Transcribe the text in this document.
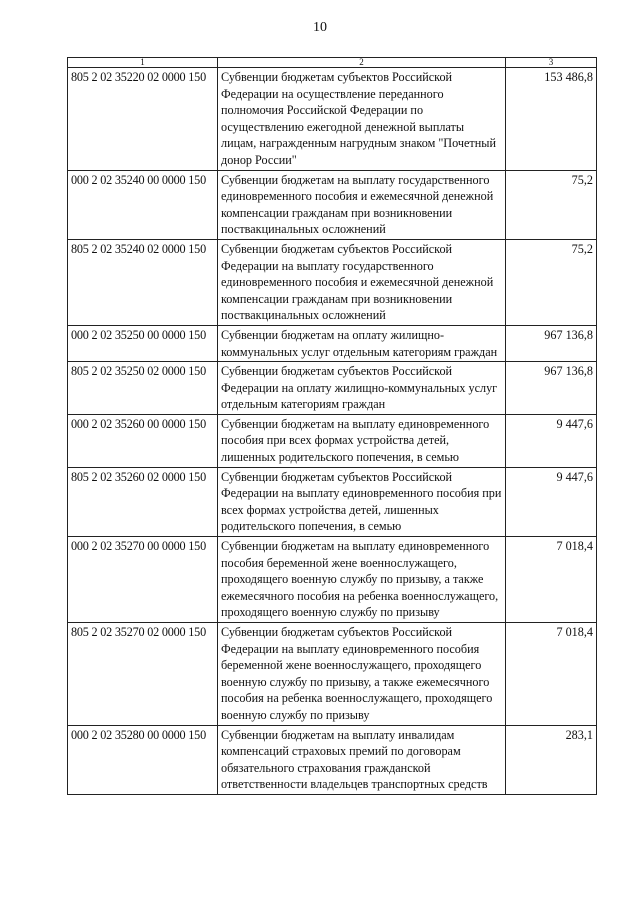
10
1	2	3
805 2 02 35220 02 0000 150	Субвенции бюджетам субъектов Российской Федерации на осуществление переданного полномочия Российской Федерации по осуществлению ежегодной денежной выплаты лицам, награжденным нагрудным знаком "Почетный донор России"	153 486,8
000 2 02 35240 00 0000 150	Субвенции бюджетам на выплату государственного единовременного пособия и ежемесячной денежной компенсации гражданам при возникновении поствакцинальных осложнений	75,2
805 2 02 35240 02 0000 150	Субвенции бюджетам субъектов Российской Федерации на выплату государственного единовременного пособия и ежемесячной денежной компенсации гражданам при возникновении поствакцинальных осложнений	75,2
000 2 02 35250 00 0000 150	Субвенции бюджетам на оплату жилищно-коммунальных услуг отдельным категориям граждан	967 136,8
805 2 02 35250 02 0000 150	Субвенции бюджетам субъектов Российской Федерации на оплату жилищно-коммунальных услуг отдельным категориям граждан	967 136,8
000 2 02 35260 00 0000 150	Субвенции бюджетам на выплату единовременного пособия при всех формах устройства детей, лишенных родительского попечения, в семью	9 447,6
805 2 02 35260 02 0000 150	Субвенции бюджетам субъектов Российской Федерации на выплату единовременного пособия при всех формах устройства детей, лишенных родительского попечения, в семью	9 447,6
000 2 02 35270 00 0000 150	Субвенции бюджетам на выплату единовременного пособия беременной жене военнослужащего, проходящего военную службу по призыву, а также ежемесячного пособия на ребенка военнослужащего, проходящего военную службу по призыву	7 018,4
805 2 02 35270 02 0000 150	Субвенции бюджетам субъектов Российской Федерации на выплату единовременного пособия беременной жене военнослужащего, проходящего военную службу по призыву, а также ежемесячного пособия на ребенка военнослужащего, проходящего военную службу по призыву	7 018,4
000 2 02 35280 00 0000 150	Субвенции бюджетам на выплату инвалидам компенсаций страховых премий по договорам обязательного страхования гражданской ответственности владельцев транспортных средств	283,1
